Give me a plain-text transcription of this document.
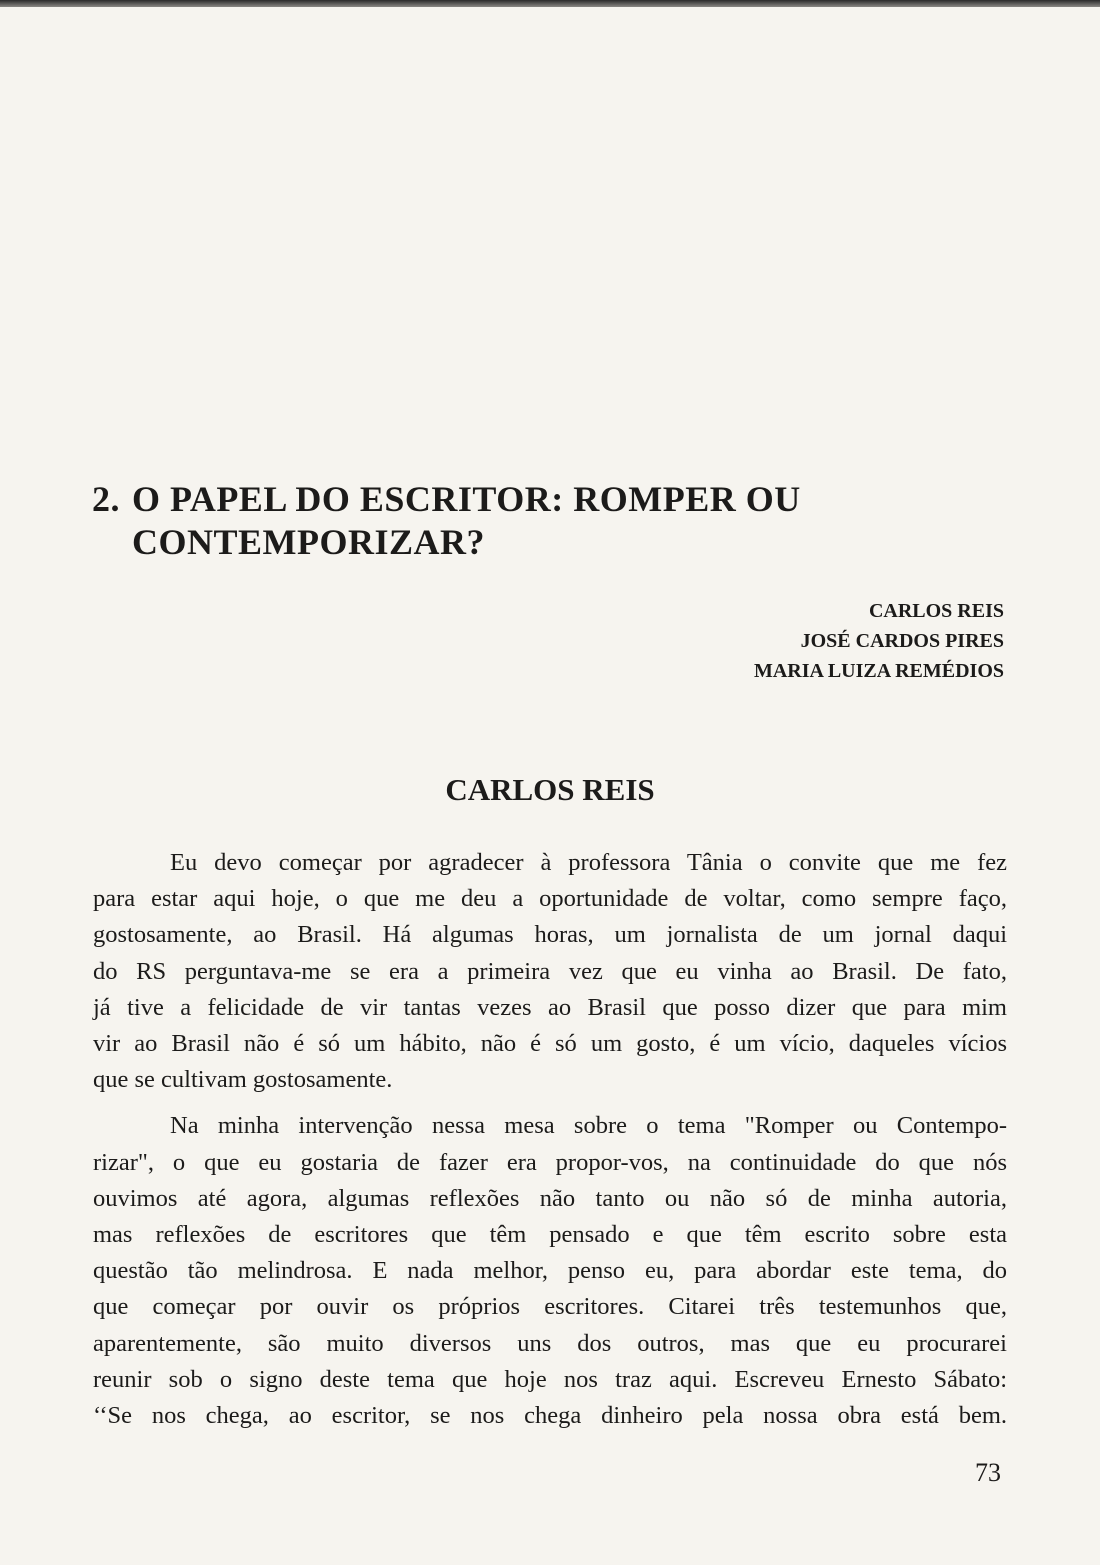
2. O PAPEL DO ESCRITOR: ROMPER OU
CONTEMPORIZAR?
CARLOS REIS
JOSÉ CARDOS PIRES
MARIA LUIZA REMÉDIOS
CARLOS REIS

Eu devo começar por agradecer à professora Tânia o convite que me fez
para estar aqui hoje, o que me deu a oportunidade de voltar, como sempre faço,
gostosamente, ao Brasil. Há algumas horas, um jornalista de um jornal daqui
do RS perguntava-me se era a primeira vez que eu vinha ao Brasil. De fato,
já tive a felicidade de vir tantas vezes ao Brasil que posso dizer que para mim
vir ao Brasil não é só um hábito, não é só um gosto, é um vício, daqueles vícios
que se cultivam gostosamente.

Na minha intervenção nessa mesa sobre o tema "Romper ou Contempo-
rizar", o que eu gostaria de fazer era propor-vos, na continuidade do que nós
ouvimos até agora, algumas reflexões não tanto ou não só de minha autoria,
mas reflexões de escritores que têm pensado e que têm escrito sobre esta
questão tão melindrosa. E nada melhor, penso eu, para abordar este tema, do
que começar por ouvir os próprios escritores. Citarei três testemunhos que,
aparentemente, são muito diversos uns dos outros, mas que eu procurarei
reunir sob o signo deste tema que hoje nos traz aqui. Escreveu Ernesto Sábato:
‘‘Se nos chega, ao escritor, se nos chega dinheiro pela nossa obra está bem.

73
